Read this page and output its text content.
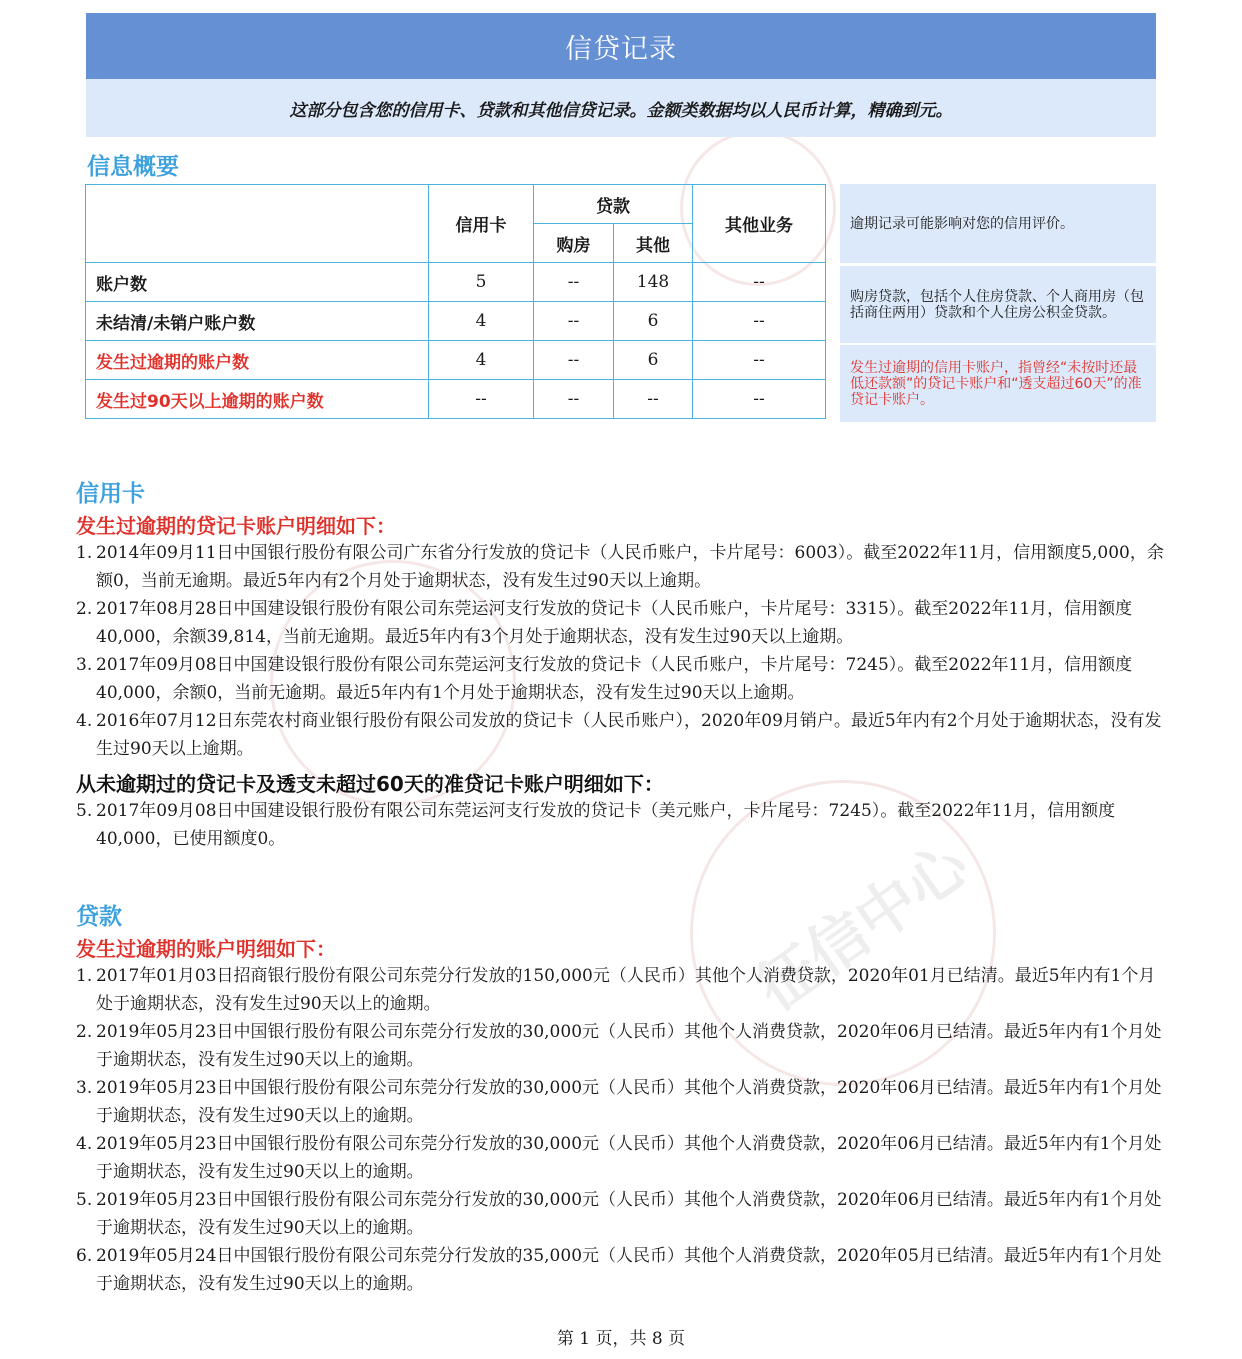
征信中心
信贷记录
这部分包含您的信用卡、贷款和其他信贷记录。金额类数据均以人民币计算，精确到元。
信息概要
	信用卡	贷款		其他业务
		购房	其他	
账户数	5	--	148	--
未结清/未销户账户数	4	--	6	--
发生过逾期的账户数	4	--	6	--
发生过90天以上逾期的账户数	--	--	--	--
逾期记录可能影响对您的信用评价。
购房贷款，包括个人住房贷款、个人商用房（包括商住两用）贷款和个人住房公积金贷款。
发生过逾期的信用卡账户，指曾经“未按时还最低还款额”的贷记卡账户和“透支超过60天”的准贷记卡账户。
信用卡
发生过逾期的贷记卡账户明细如下：
1. 2014年09月11日中国银行股份有限公司广东省分行发放的贷记卡（人民币账户，卡片尾号：6003）。截至2022年11月，信用额度5,000，余额0，当前无逾期。最近5年内有2个月处于逾期状态，没有发生过90天以上逾期。
2. 2017年08月28日中国建设银行股份有限公司东莞运河支行发放的贷记卡（人民币账户，卡片尾号：3315）。截至2022年11月，信用额度40,000，余额39,814，当前无逾期。最近5年内有3个月处于逾期状态，没有发生过90天以上逾期。
3. 2017年09月08日中国建设银行股份有限公司东莞运河支行发放的贷记卡（人民币账户，卡片尾号：7245）。截至2022年11月，信用额度40,000，余额0，当前无逾期。最近5年内有1个月处于逾期状态，没有发生过90天以上逾期。
4. 2016年07月12日东莞农村商业银行股份有限公司发放的贷记卡（人民币账户），2020年09月销户。最近5年内有2个月处于逾期状态，没有发生过90天以上逾期。
从未逾期过的贷记卡及透支未超过60天的准贷记卡账户明细如下：
5. 2017年09月08日中国建设银行股份有限公司东莞运河支行发放的贷记卡（美元账户，卡片尾号：7245）。截至2022年11月，信用额度40,000，已使用额度0。
贷款
发生过逾期的账户明细如下：
1. 2017年01月03日招商银行股份有限公司东莞分行发放的150,000元（人民币）其他个人消费贷款，2020年01月已结清。最近5年内有1个月处于逾期状态，没有发生过90天以上的逾期。
2. 2019年05月23日中国银行股份有限公司东莞分行发放的30,000元（人民币）其他个人消费贷款，2020年06月已结清。最近5年内有1个月处于逾期状态，没有发生过90天以上的逾期。
3. 2019年05月23日中国银行股份有限公司东莞分行发放的30,000元（人民币）其他个人消费贷款，2020年06月已结清。最近5年内有1个月处于逾期状态，没有发生过90天以上的逾期。
4. 2019年05月23日中国银行股份有限公司东莞分行发放的30,000元（人民币）其他个人消费贷款，2020年06月已结清。最近5年内有1个月处于逾期状态，没有发生过90天以上的逾期。
5. 2019年05月23日中国银行股份有限公司东莞分行发放的30,000元（人民币）其他个人消费贷款，2020年06月已结清。最近5年内有1个月处于逾期状态，没有发生过90天以上的逾期。
6. 2019年05月24日中国银行股份有限公司东莞分行发放的35,000元（人民币）其他个人消费贷款，2020年05月已结清。最近5年内有1个月处于逾期状态，没有发生过90天以上的逾期。
第 1 页，共 8 页
